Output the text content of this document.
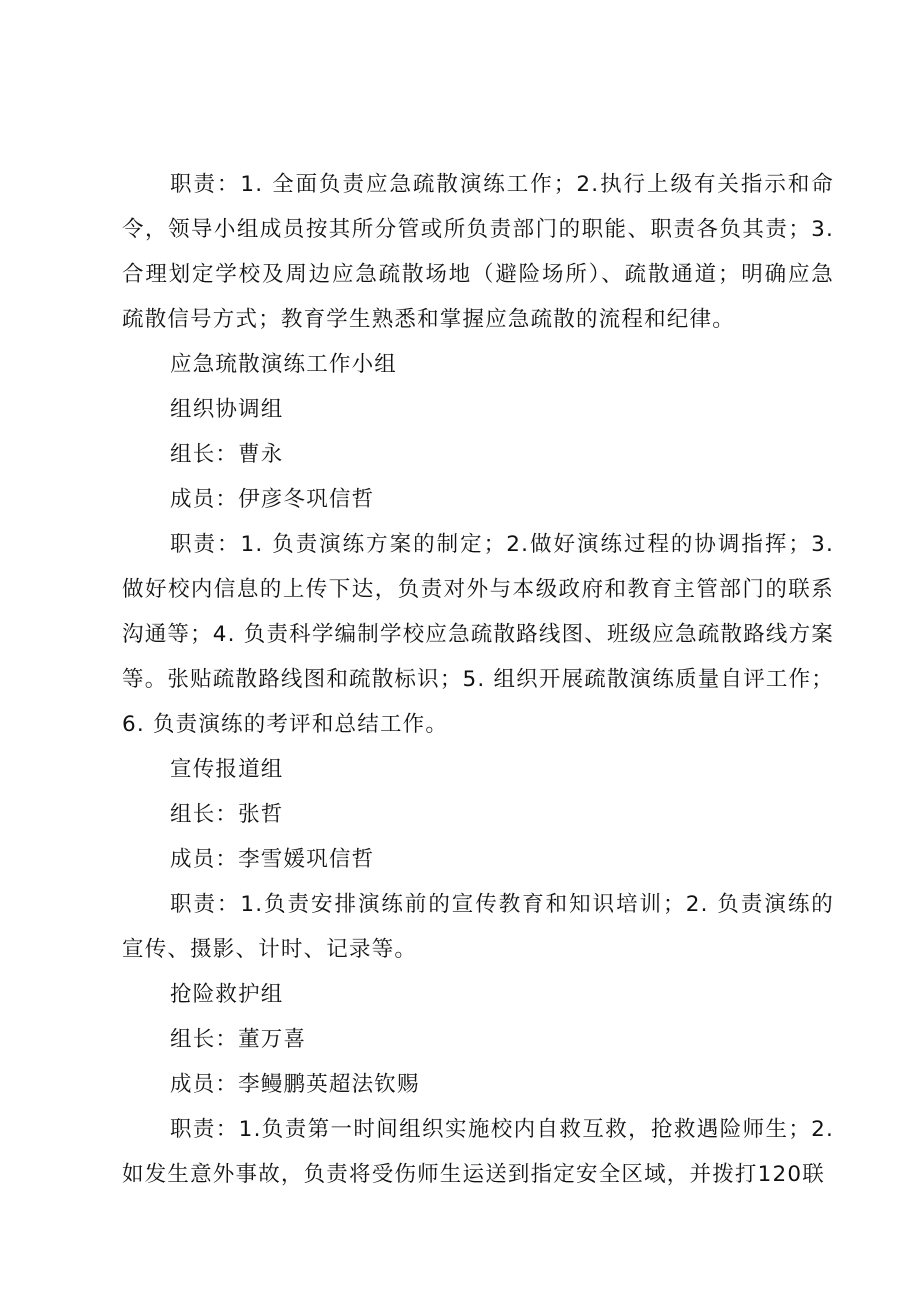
职责：1. 全面负责应急疏散演练工作；2.执行上级有关指示和命令，领导小组成员按其所分管或所负责部门的职能、职责各负其责；3.合理划定学校及周边应急疏散场地（避险场所）、疏散通道；明确应急疏散信号方式；教育学生熟悉和掌握应急疏散的流程和纪律。

应急琉散演练工作小组

组织协调组

组长：曹永

成员：伊彦冬巩信哲

职责：1. 负责演练方案的制定；2.做好演练过程的协调指挥；3.做好校内信息的上传下达，负责对外与本级政府和教育主管部门的联系沟通等；4. 负责科学编制学校应急疏散路线图、班级应急疏散路线方案等。张贴疏散路线图和疏散标识；5. 组织开展疏散演练质量自评工作；6. 负责演练的考评和总结工作。

宣传报道组

组长：张哲

成员：李雪媛巩信哲

职责：1.负责安排演练前的宣传教育和知识培训；2. 负责演练的宣传、摄影、计时、记录等。

抢险救护组

组长：董万喜

成员：李鳗鹏英超法钦赐

职责：1.负责第一时间组织实施校内自救互救，抢救遇险师生；2.如发生意外事故，负责将受伤师生运送到指定安全区域，并拨打120联
